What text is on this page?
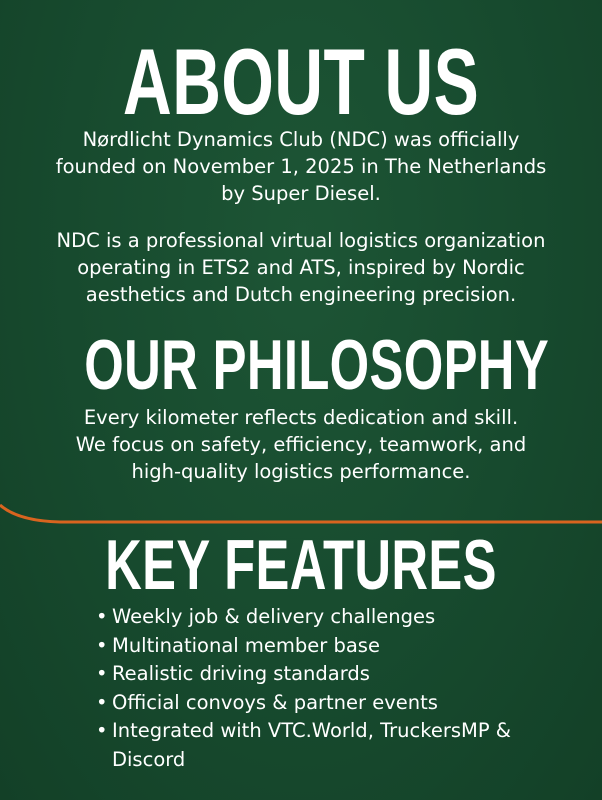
ABOUT US

Nørdlicht Dynamics Club (NDC) was officially
founded on November 1, 2025 in The Netherlands
by Super Diesel.

NDC is a professional virtual logistics organization
operating in ETS2 and ATS, inspired by Nordic
aesthetics and Dutch engineering precision.

OUR PHILOSOPHY

Every kilometer reflects dedication and skill.
We focus on safety, efficiency, teamwork, and
high-quality logistics performance.

KEY FEATURES
• Weekly job & delivery challenges
• Multinational member base
• Realistic driving standards
• Official convoys & partner events
• Integrated with VTC.World, TruckersMP & Discord
